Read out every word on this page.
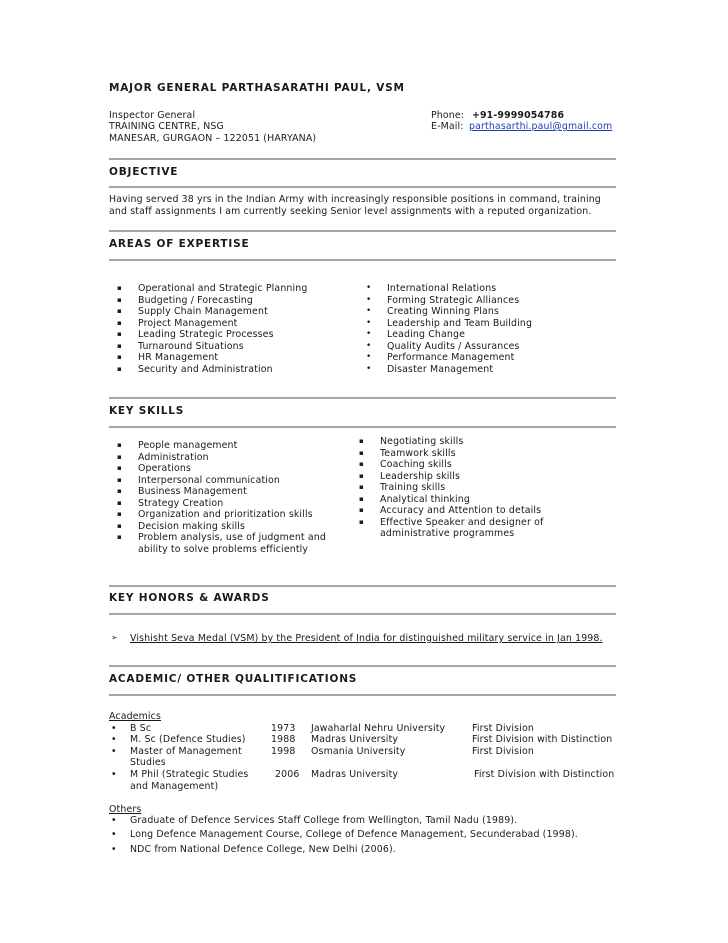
MAJOR GENERAL PARTHASARATHI PAUL, VSM
Inspector General
TRAINING CENTRE, NSG
MANESAR, GURGAON – 122051 (HARYANA)
Phone: +91-9999054786
E-Mail: parthasarthi.paul@gmail.com
OBJECTIVE
Having served 38 yrs in the Indian Army with increasingly responsible positions in command, training
and staff assignments I am currently seeking Senior level assignments with a reputed organization.
AREAS OF EXPERTISE
▪ Operational and Strategic Planning
▪ Budgeting / Forecasting
▪ Supply Chain Management
▪ Project Management
▪ Leading Strategic Processes
▪ Turnaround Situations
▪ HR Management
▪ Security and Administration
• International Relations
• Forming Strategic Alliances
• Creating Winning Plans
• Leadership and Team Building
• Leading Change
• Quality Audits / Assurances
• Performance Management
• Disaster Management
KEY SKILLS
▪ People management
▪ Administration
▪ Operations
▪ Interpersonal communication
▪ Business Management
▪ Strategy Creation
▪ Organization and prioritization skills
▪ Decision making skills
▪ Problem analysis, use of judgment and
ability to solve problems efficiently
▪ Negotiating skills
▪ Teamwork skills
▪ Coaching skills
▪ Leadership skills
▪ Training skills
▪ Analytical thinking
▪ Accuracy and Attention to details
▪ Effective Speaker and designer of
administrative programmes
KEY HONORS & AWARDS
➢ Vishisht Seva Medal (VSM) by the President of India for distinguished military service in Jan 1998.
ACADEMIC/ OTHER QUALITIFICATIONS
Academics
• B Sc	1973 Jawaharlal Nehru University	First Division
• M. Sc (Defence Studies)	1988 Madras University	First Division with Distinction
• Master of Management
Studies
1998 Osmania University	First Division
• M Phil (Strategic Studies
and Management)
2006 Madras University	First Division with Distinction
Others
• Graduate of Defence Services Staff College from Wellington, Tamil Nadu (1989).
• Long Defence Management Course, College of Defence Management, Secunderabad (1998).
• NDC from National Defence College, New Delhi (2006).
